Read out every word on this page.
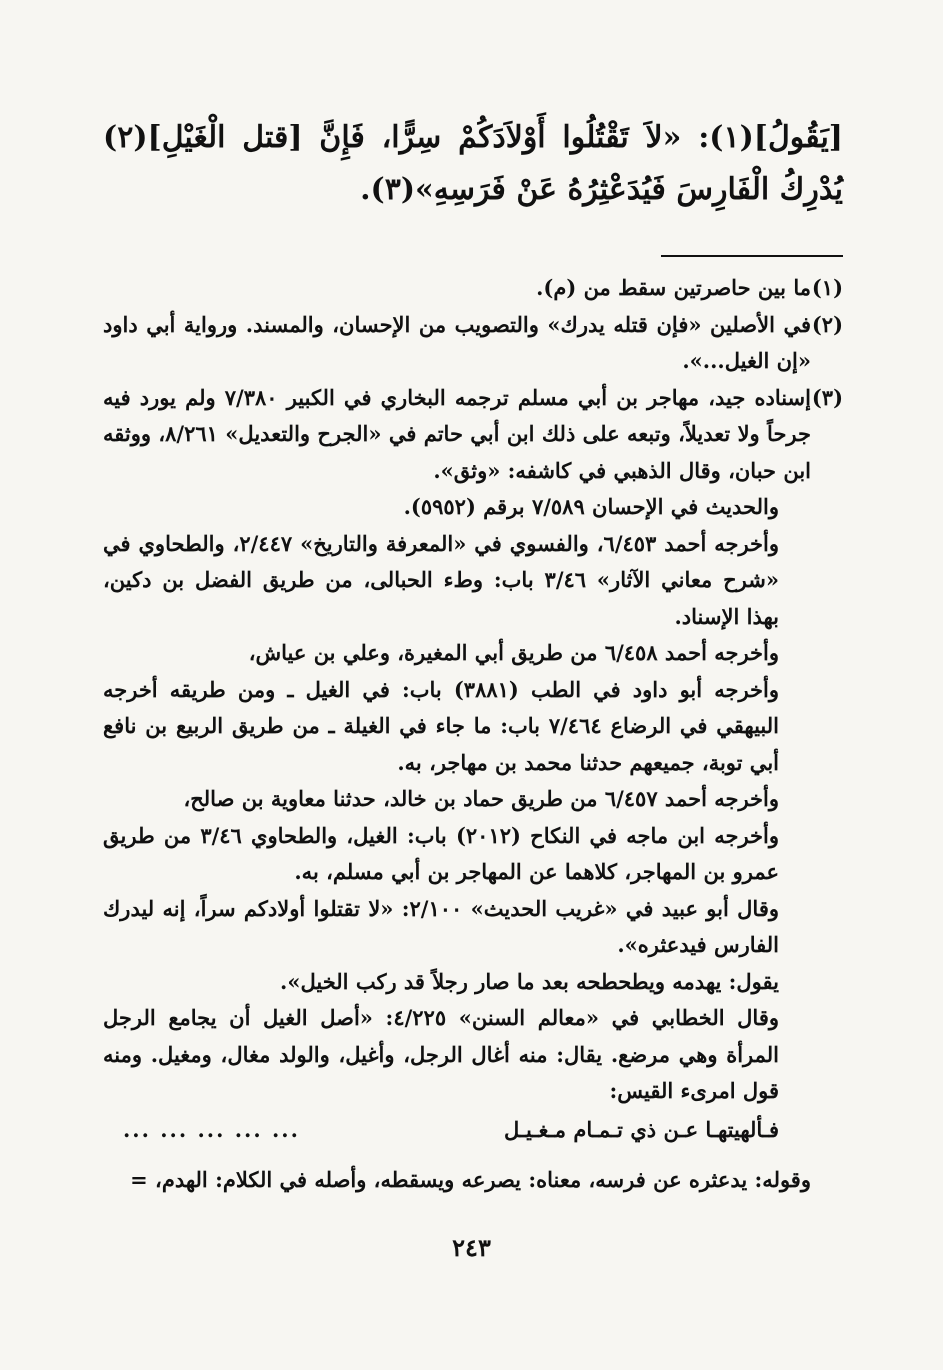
[يَقُولُ](١): «لاَ تَقْتُلُوا أَوْلاَدَكُمْ سِرًّا، فَإِنَّ [قتل الْغَيْلِ](٢) يُدْرِكُ الْفَارِسَ فَيُدَعْثِرُهُ عَنْ فَرَسِهِ»(٣).
(١)
ما بين حاصرتين سقط من (م).
(٢)
في الأصلين «فإن قتله يدرك» والتصويب من الإحسان، والمسند. ورواية أبي داود «إن الغيل...».
(٣)
إسناده جيد، مهاجر بن أبي مسلم ترجمه البخاري في الكبير ٧/٣٨٠ ولم يورد فيه جرحاً ولا تعديلاً، وتبعه على ذلك ابن أبي حاتم في «الجرح والتعديل» ٨/٢٦١، ووثقه ابن حبان، وقال الذهبي في كاشفه: «وثق».
والحديث في الإحسان ٧/٥٨٩ برقم (٥٩٥٢).
وأخرجه أحمد ٦/٤٥٣، والفسوي في «المعرفة والتاريخ» ٢/٤٤٧، والطحاوي في «شرح معاني الآثار» ٣/٤٦ باب: وطء الحبالى، من طريق الفضل بن دكين، بهذا الإسناد.
وأخرجه أحمد ٦/٤٥٨ من طريق أبي المغيرة، وعلي بن عياش،
وأخرجه أبو داود في الطب (٣٨٨١) باب: في الغيل ـ ومن طريقه أخرجه البيهقي في الرضاع ٧/٤٦٤ باب: ما جاء في الغيلة ـ من طريق الربيع بن نافع أبي توبة، جميعهم حدثنا محمد بن مهاجر، به.
وأخرجه أحمد ٦/٤٥٧ من طريق حماد بن خالد، حدثنا معاوية بن صالح،
وأخرجه ابن ماجه في النكاح (٢٠١٢) باب: الغيل، والطحاوي ٣/٤٦ من طريق عمرو بن المهاجر، كلاهما عن المهاجر بن أبي مسلم، به.
وقال أبو عبيد في «غريب الحديث» ٢/١٠٠: «لا تقتلوا أولادكم سراً، إنه ليدرك الفارس فيدعثره».
يقول: يهدمه ويطحطحه بعد ما صار رجلاً قد ركب الخيل».
وقال الخطابي في «معالم السنن» ٤/٢٢٥: «أصل الغيل أن يجامع الرجل المرأة وهي مرضع. يقال: منه أغال الرجل، وأغيل، والولد مغال، ومغيل. ومنه قول امرىء القيس:
فـألهيتهـا عـن ذي تـمـام مـغـيـل
... ... ... ... ...
وقوله: يدعثره عن فرسه، معناه: يصرعه ويسقطه، وأصله في الكلام: الهدم، =
٢٤٣
